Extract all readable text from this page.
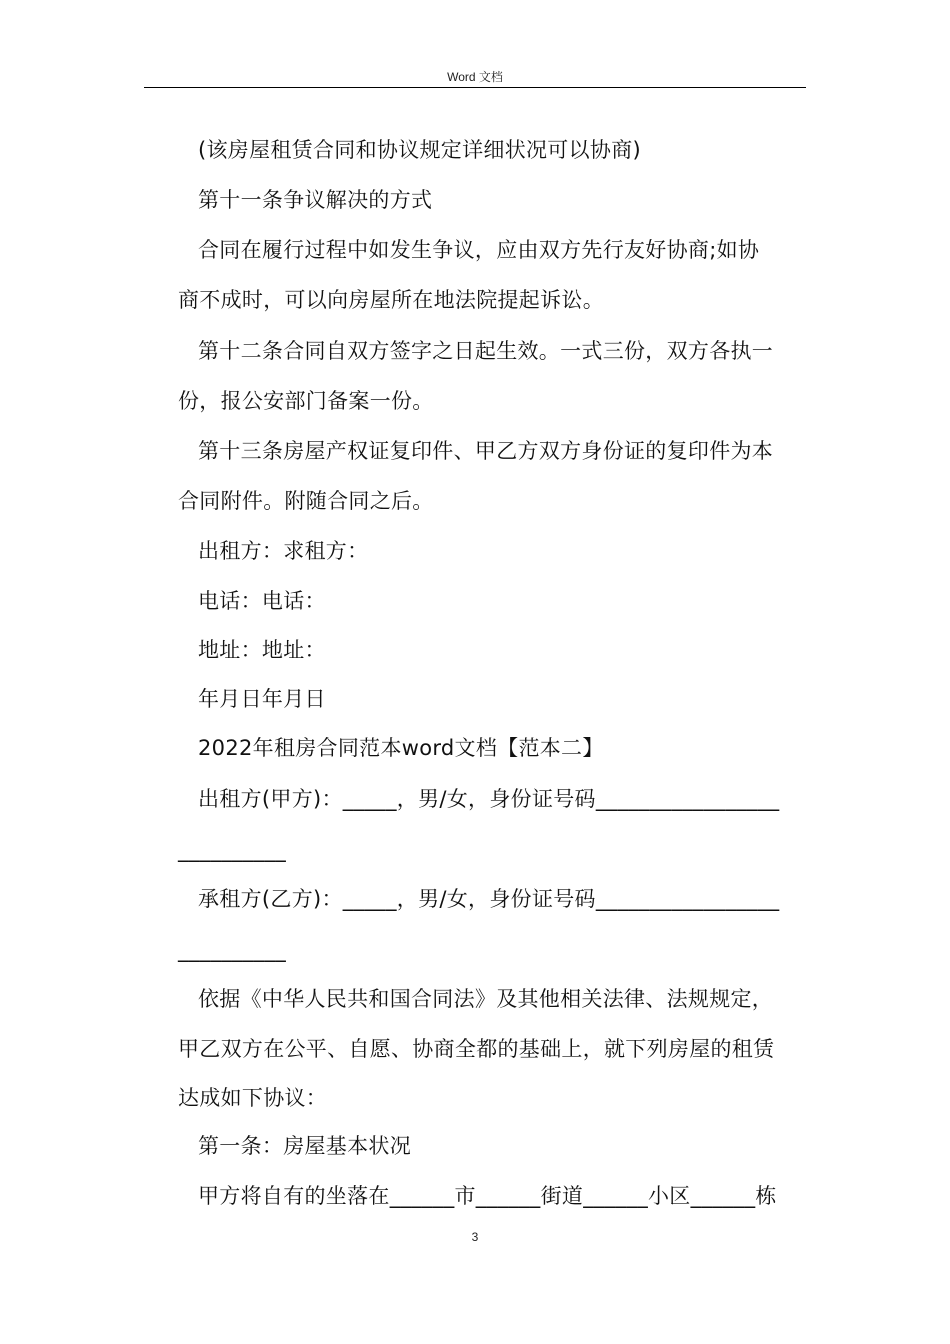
Word 文档
(该房屋租赁合同和协议规定详细状况可以协商)
第十一条争议解决的方式
合同在履行过程中如发生争议，应由双方先行友好协商;如协
商不成时，可以向房屋所在地法院提起诉讼。
第十二条合同自双方签字之日起生效。一式三份，双方各执一
份，报公安部门备案一份。
第十三条房屋产权证复印件、甲乙方双方身份证的复印件为本
合同附件。附随合同之后。
出租方：求租方：
电话：电话：
地址：地址：
年月日年月日
2022年租房合同范本word文档【范本二】
出租方(甲方)：_____，男/女，身份证号码_________________
__________
承租方(乙方)：_____，男/女，身份证号码_________________
__________
依据《中华人民共和国合同法》及其他相关法律、法规规定，
甲乙双方在公平、自愿、协商全都的基础上，就下列房屋的租赁
达成如下协议：
第一条：房屋基本状况
甲方将自有的坐落在______市______街道______小区______栋
3
